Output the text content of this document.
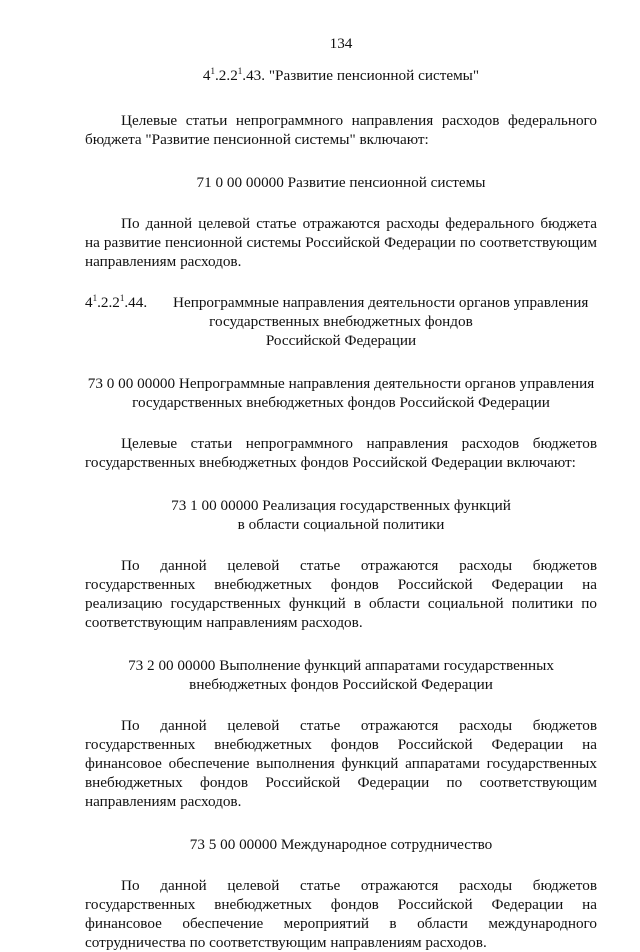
134
$4^1.2.2^1.43$. "Развитие пенсионной системы"

Целевые статьи непрограммного направления расходов федерального бюджета "Развитие пенсионной системы" включают:

71 0 00 00000 Развитие пенсионной системы

По данной целевой статье отражаются расходы федерального бюджета на развитие пенсионной системы Российской Федерации по соответствующим направлениям расходов.

$4^1.2.2^1.44$. Непрограммные направления деятельности органов управления
государственных внебюджетных фондов
Российской Федерации
73 0 00 00000 Непрограммные направления деятельности органов управления
государственных внебюджетных фондов Российской Федерации

Целевые статьи непрограммного направления расходов бюджетов государственных внебюджетных фондов Российской Федерации включают:

73 1 00 00000 Реализация государственных функций
в области социальной политики

По данной целевой статье отражаются расходы бюджетов государственных внебюджетных фондов Российской Федерации на реализацию государственных функций в области социальной политики по соответствующим направлениям расходов.

73 2 00 00000 Выполнение функций аппаратами государственных
внебюджетных фондов Российской Федерации

По данной целевой статье отражаются расходы бюджетов государственных внебюджетных фондов Российской Федерации на финансовое обеспечение выполнения функций аппаратами государственных внебюджетных фондов Российской Федерации по соответствующим направлениям расходов.

73 5 00 00000 Международное сотрудничество

По данной целевой статье отражаются расходы бюджетов государственных внебюджетных фондов Российской Федерации на финансовое обеспечение мероприятий в области международного сотрудничества по соответствующим направлениям расходов.
